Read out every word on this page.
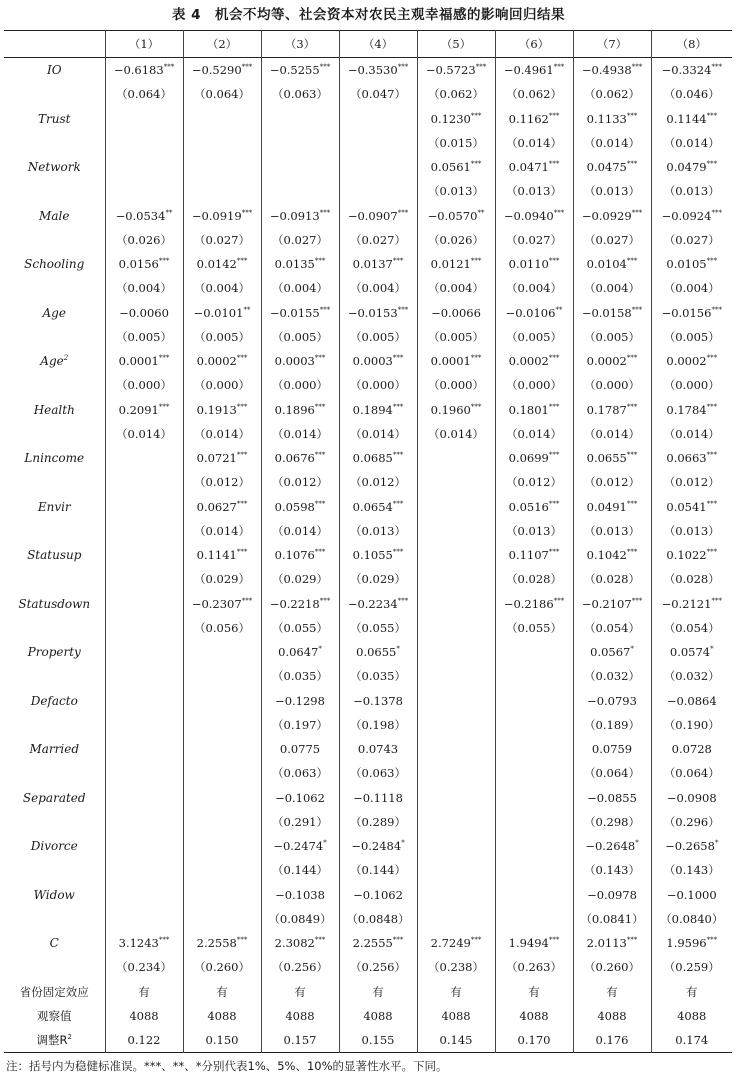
表 4　机会不均等、社会资本对农民主观幸福感的影响回归结果
	（1）	（2）	（3）	（4）	（5）	（6）	（7）	（8）
IO	−0.6183***	−0.5290***	−0.5255***	−0.3530***	−0.5723***	−0.4961***	−0.4938***	−0.3324***
	（0.064）	（0.064）	（0.063）	（0.047）	（0.062）	（0.062）	（0.062）	（0.046）
Trust					0.1230***	0.1162***	0.1133***	0.1144***
					（0.015）	（0.014）	（0.014）	（0.014）
Network					0.0561***	0.0471***	0.0475***	0.0479***
					（0.013）	（0.013）	（0.013）	（0.013）
Male	−0.0534**	−0.0919***	−0.0913***	−0.0907***	−0.0570**	−0.0940***	−0.0929***	−0.0924***
	（0.026）	（0.027）	（0.027）	（0.027）	（0.026）	（0.027）	（0.027）	（0.027）
Schooling	0.0156***	0.0142***	0.0135***	0.0137***	0.0121***	0.0110***	0.0104***	0.0105***
	（0.004）	（0.004）	（0.004）	（0.004）	（0.004）	（0.004）	（0.004）	（0.004）
Age	−0.0060	−0.0101**	−0.0155***	−0.0153***	−0.0066	−0.0106**	−0.0158***	−0.0156***
	（0.005）	（0.005）	（0.005）	（0.005）	（0.005）	（0.005）	（0.005）	（0.005）
Age$^2$	0.0001***	0.0002***	0.0003***	0.0003***	0.0001***	0.0002***	0.0002***	0.0002***
	（0.000）	（0.000）	（0.000）	（0.000）	（0.000）	（0.000）	（0.000）	（0.000）
Health	0.2091***	0.1913***	0.1896***	0.1894***	0.1960***	0.1801***	0.1787***	0.1784***
	（0.014）	（0.014）	（0.014）	（0.014）	（0.014）	（0.014）	（0.014）	（0.014）
Lnincome		0.0721***	0.0676***	0.0685***		0.0699***	0.0655***	0.0663***
		（0.012）	（0.012）	（0.012）		（0.012）	（0.012）	（0.012）
Envir		0.0627***	0.0598***	0.0654***		0.0516***	0.0491***	0.0541***
		（0.014）	（0.014）	（0.013）		（0.013）	（0.013）	（0.013）
Statusup		0.1141***	0.1076***	0.1055***		0.1107***	0.1042***	0.1022***
		（0.029）	（0.029）	（0.029）		（0.028）	（0.028）	（0.028）
Statusdown		−0.2307***	−0.2218***	−0.2234***		−0.2186***	−0.2107***	−0.2121***
		（0.056）	（0.055）	（0.055）		（0.055）	（0.054）	（0.054）
Property			0.0647*	0.0655*			0.0567*	0.0574*
			（0.035）	（0.035）			（0.032）	（0.032）
Defacto			−0.1298	−0.1378			−0.0793	−0.0864
			（0.197）	（0.198）			（0.189）	（0.190）
Married			0.0775	0.0743			0.0759	0.0728
			（0.063）	（0.063）			（0.064）	（0.064）
Separated			−0.1062	−0.1118			−0.0855	−0.0908
			（0.291）	（0.289）			（0.298）	（0.296）
Divorce			−0.2474*	−0.2484*			−0.2648*	−0.2658*
			（0.144）	（0.144）			（0.143）	（0.143）
Widow			−0.1038	−0.1062			−0.0978	−0.1000
			（0.0849）	（0.0848）			（0.0841）	（0.0840）
C	3.1243***	2.2558***	2.3082***	2.2555***	2.7249***	1.9494***	2.0113***	1.9596***
	（0.234）	（0.260）	（0.256）	（0.256）	（0.238）	（0.263）	（0.260）	（0.259）
省份固定效应	有	有	有	有	有	有	有	有
观察值	4088	4088	4088	4088	4088	4088	4088	4088
调整$R^2$	0.122	0.150	0.157	0.155	0.145	0.170	0.176	0.174
注：括号内为稳健标准误。***、**、*分别代表1%、5%、10%的显著性水平。下同。
